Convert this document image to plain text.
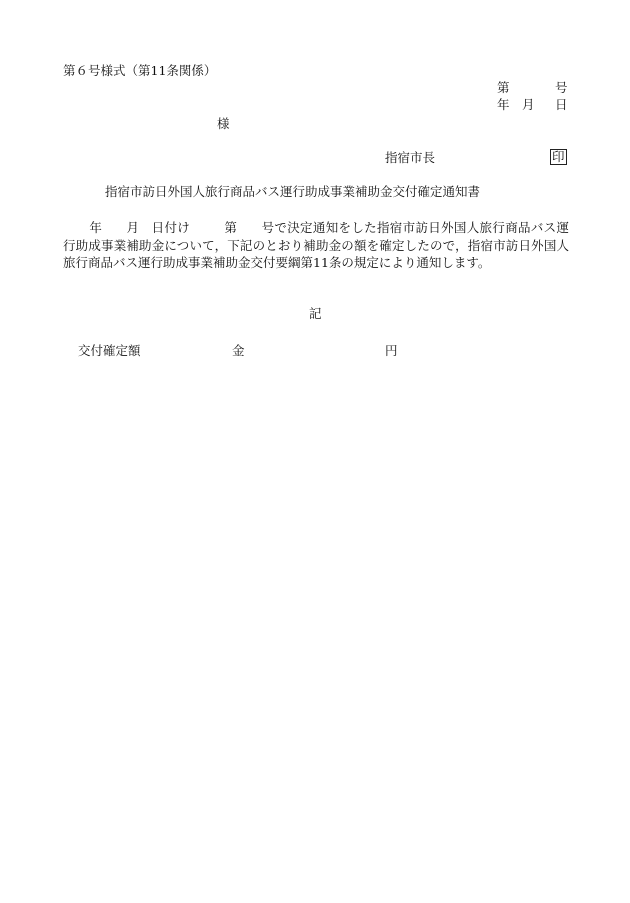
第６号様式（第11条関係）
第	号
年 月 日
様
指宿市長	印
指宿市訪日外国人旅行商品バス運行助成事業補助金交付確定通知書
年 月 日付け	第 号で決定通知をした指宿市訪日外国人旅行商品バス運行助成事業補助金について，下記のとおり補助金の額を確定したので，指宿市訪日外国人旅行商品バス運行助成事業補助金交付要綱第11条の規定により通知します。
記
交付確定額	金	円
